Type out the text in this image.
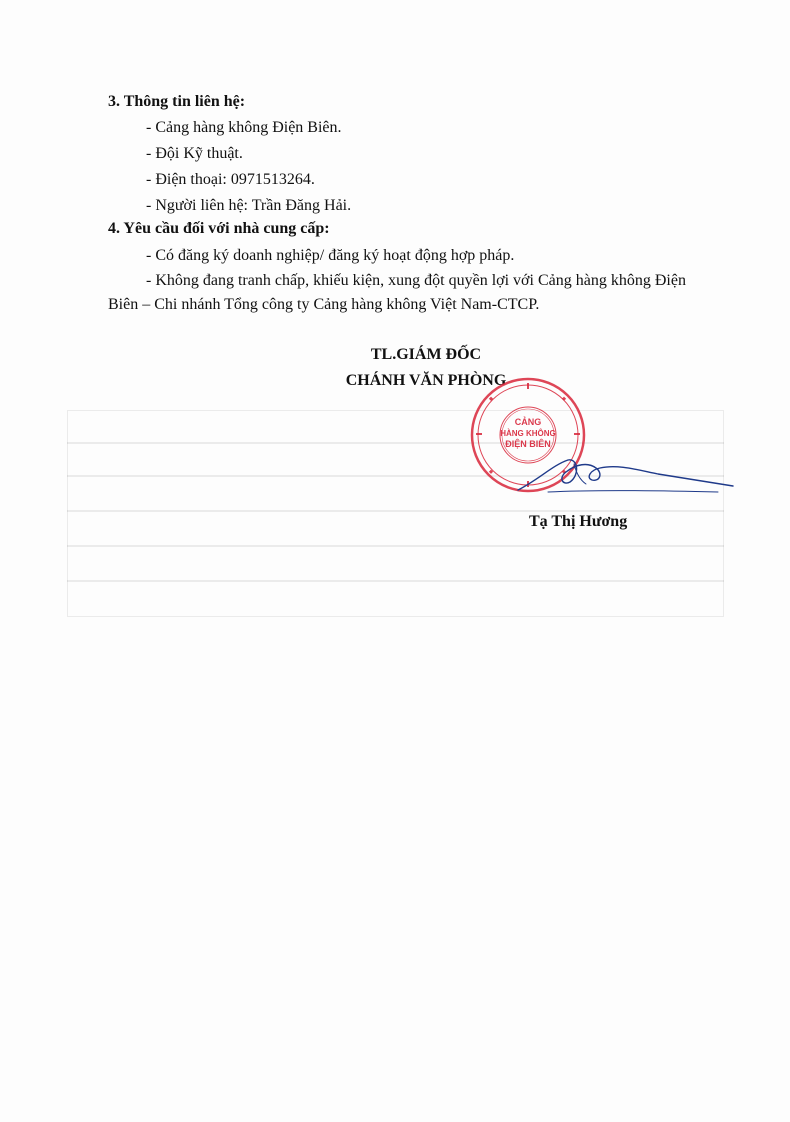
3. Thông tin liên hệ:
- Cảng hàng không Điện Biên.
- Đội Kỹ thuật.
- Điện thoại: 0971513264.
- Người liên hệ: Trần Đăng Hải.
4. Yêu cầu đối với nhà cung cấp:
- Có đăng ký doanh nghiệp/ đăng ký hoạt động hợp pháp.
- Không đang tranh chấp, khiếu kiện, xung đột quyền lợi với Cảng hàng không Điện
Biên – Chi nhánh Tổng công ty Cảng hàng không Việt Nam-CTCP.
TL.GIÁM ĐỐC
CHÁNH VĂN PHÒNG
CẢNG
HÀNG KHÔNG
ĐIỆN BIÊN
Tạ Thị Hương
